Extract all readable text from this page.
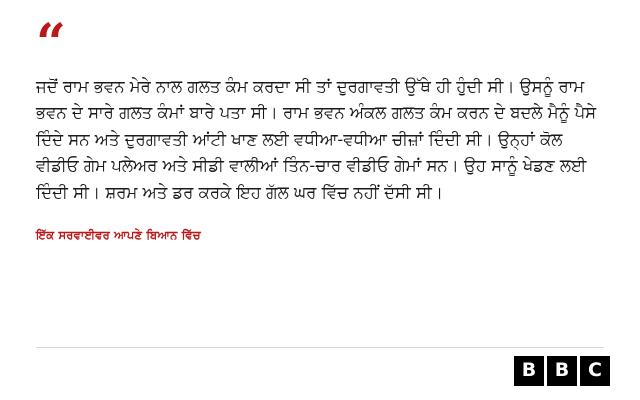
“
ਜਦੋਂ ਰਾਮ ਭਵਨ ਮੇਰੇ ਨਾਲ ਗਲਤ ਕੰਮ ਕਰਦਾ ਸੀ ਤਾਂ ਦੁਰਗਾਵਤੀ ਉੱਥੇ ਹੀ ਹੁੰਦੀ ਸੀ। ਉਸਨੂੰ ਰਾਮ ਭਵਨ ਦੇ ਸਾਰੇ ਗਲਤ ਕੰਮਾਂ ਬਾਰੇ ਪਤਾ ਸੀ। ਰਾਮ ਭਵਨ ਅੰਕਲ ਗਲਤ ਕੰਮ ਕਰਨ ਦੇ ਬਦਲੇ ਮੈਨੂੰ ਪੈਸੇ ਦਿੰਦੇ ਸਨ ਅਤੇ ਦੁਰਗਾਵਤੀ ਆਂਟੀ ਖਾਣ ਲਈ ਵਧੀਆ-ਵਧੀਆ ਚੀਜ਼ਾਂ ਦਿੰਦੀ ਸੀ। ਉਨ੍ਹਾਂ ਕੋਲ ਵੀਡੀਓ ਗੇਮ ਪਲੇਅਰ ਅਤੇ ਸੀਡੀ ਵਾਲੀਆਂ ਤਿੰਨ-ਚਾਰ ਵੀਡੀਓ ਗੇਮਾਂ ਸਨ। ਉਹ ਸਾਨੂੰ ਖੇਡਣ ਲਈ ਦਿੰਦੀ ਸੀ। ਸ਼ਰਮ ਅਤੇ ਡਰ ਕਰਕੇ ਇਹ ਗੱਲ ਘਰ ਵਿੱਚ ਨਹੀਂ ਦੱਸੀ ਸੀ।
ਇੱਕ ਸਰਵਾਈਵਰ ਆਪਣੇ ਬਿਆਨ ਵਿੱਚ
B B C
